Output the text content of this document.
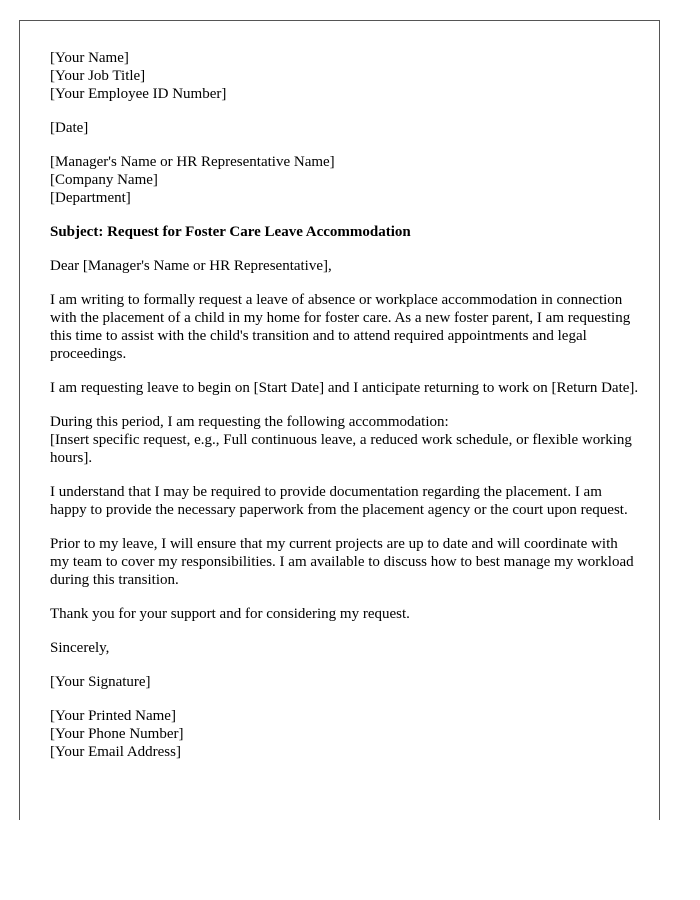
[Your Name]
[Your Job Title]
[Your Employee ID Number]
[Date]
[Manager's Name or HR Representative Name]
[Company Name]
[Department]

Subject: Request for Foster Care Leave Accommodation

Dear [Manager's Name or HR Representative],

I am writing to formally request a leave of absence or workplace accommodation in connection with the placement of a child in my home for foster care. As a new foster parent, I am requesting this time to assist with the child's transition and to attend required appointments and legal proceedings.

I am requesting leave to begin on [Start Date] and I anticipate returning to work on [Return Date].

During this period, I am requesting the following accommodation:
[Insert specific request, e.g., Full continuous leave, a reduced work schedule, or flexible working hours].

I understand that I may be required to provide documentation regarding the placement. I am happy to provide the necessary paperwork from the placement agency or the court upon request.

Prior to my leave, I will ensure that my current projects are up to date and will coordinate with my team to cover my responsibilities. I am available to discuss how to best manage my workload during this transition.

Thank you for your support and for considering my request.

Sincerely,

[Your Signature]

[Your Printed Name]
[Your Phone Number]
[Your Email Address]
